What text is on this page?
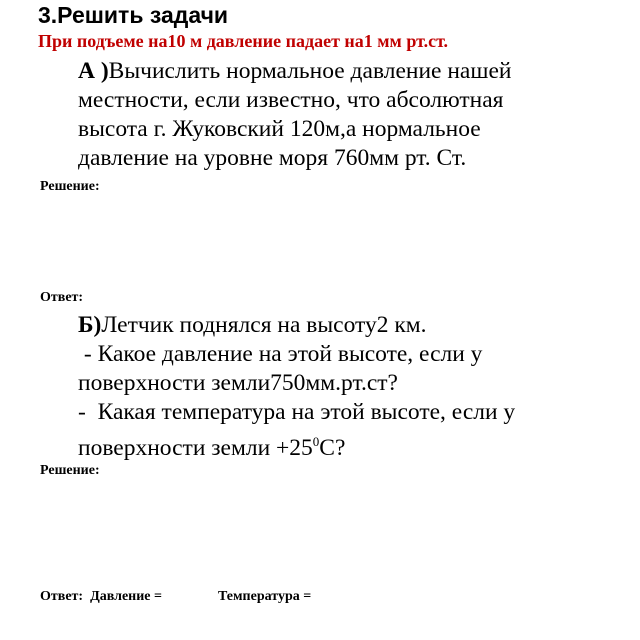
3.Решить задачи
При подъеме на10 м давление падает на1 мм рт.ст.
А )Вычислить нормальное давление нашей
местности, если известно, что абсолютная
высота г. Жуковский 120м,а нормальное
давление на уровне моря 760мм рт. Ст.
Решение:
Ответ:
Б)Летчик поднялся на высоту2 км.
- Какое давление на этой высоте, если у
поверхности земли750мм.рт.ст?
-  Какая температура на этой высоте, если у
поверхности земли $+25^0С$?
Решение:
Ответ: Давление =	Температура =
